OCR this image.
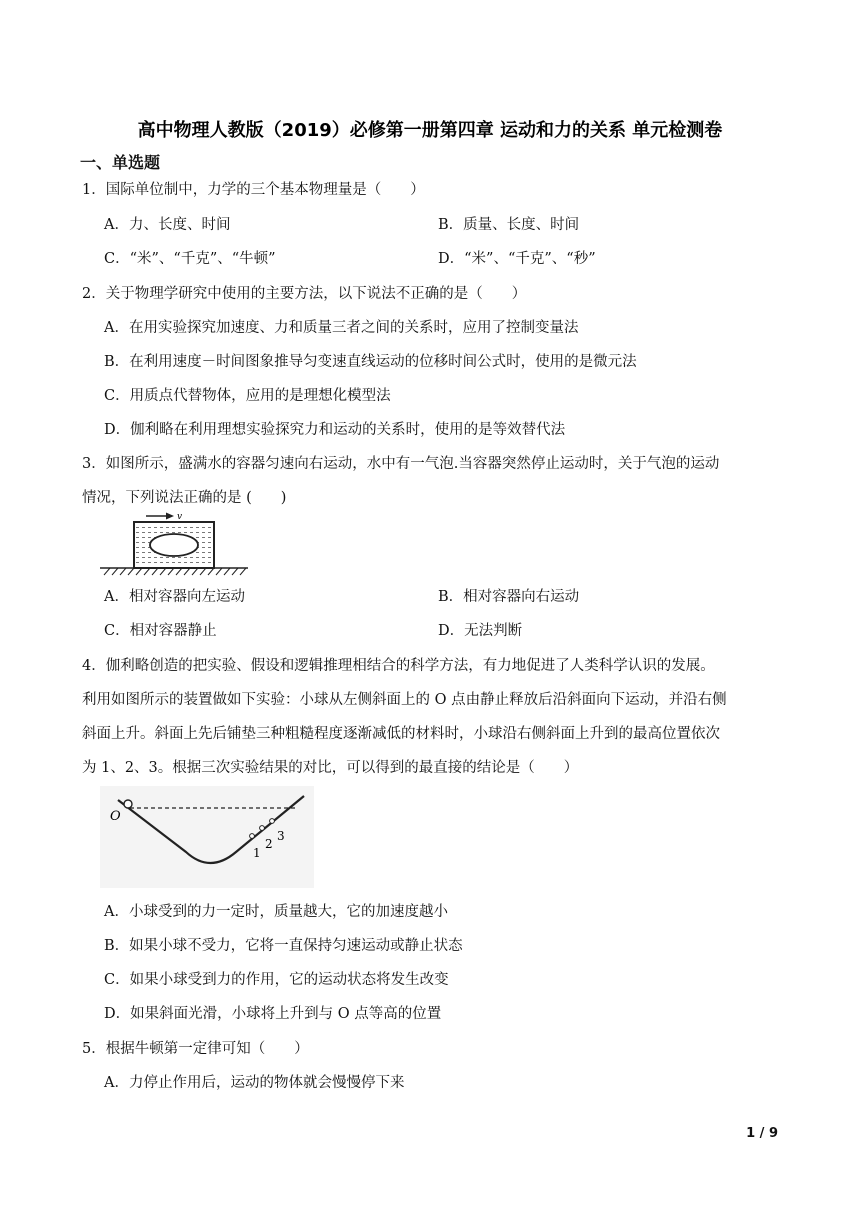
高中物理人教版（2019）必修第一册第四章 运动和力的关系 单元检测卷
一、单选题
1．国际单位制中，力学的三个基本物理量是（　　）
A．力、长度、时间	B．质量、长度、时间
C．“米”、“千克”、“牛顿”	D．“米”、“千克”、“秒”
2．关于物理学研究中使用的主要方法，以下说法不正确的是（　　）
A．在用实验探究加速度、力和质量三者之间的关系时，应用了控制变量法
B．在利用速度－时间图象推导匀变速直线运动的位移时间公式时，使用的是微元法
C．用质点代替物体，应用的是理想化模型法
D．伽利略在利用理想实验探究力和运动的关系时，使用的是等效替代法
3．如图所示，盛满水的容器匀速向右运动，水中有一气泡.当容器突然停止运动时，关于气泡的运动
情况，下列说法正确的是 (　　)
v
A．相对容器向左运动	B．相对容器向右运动
C．相对容器静止	D．无法判断
4．伽利略创造的把实验、假设和逻辑推理相结合的科学方法，有力地促进了人类科学认识的发展。
利用如图所示的装置做如下实验：小球从左侧斜面上的 O 点由静止释放后沿斜面向下运动，并沿右侧
斜面上升。斜面上先后铺垫三种粗糙程度逐渐减低的材料时，小球沿右侧斜面上升到的最高位置依次
为 1、2、3。根据三次实验结果的对比，可以得到的最直接的结论是（　　）
O
1
2
3
A．小球受到的力一定时，质量越大，它的加速度越小
B．如果小球不受力，它将一直保持匀速运动或静止状态
C．如果小球受到力的作用，它的运动状态将发生改变
D．如果斜面光滑，小球将上升到与 O 点等高的位置
5．根据牛顿第一定律可知（　　）
A．力停止作用后，运动的物体就会慢慢停下来
1 / 9
